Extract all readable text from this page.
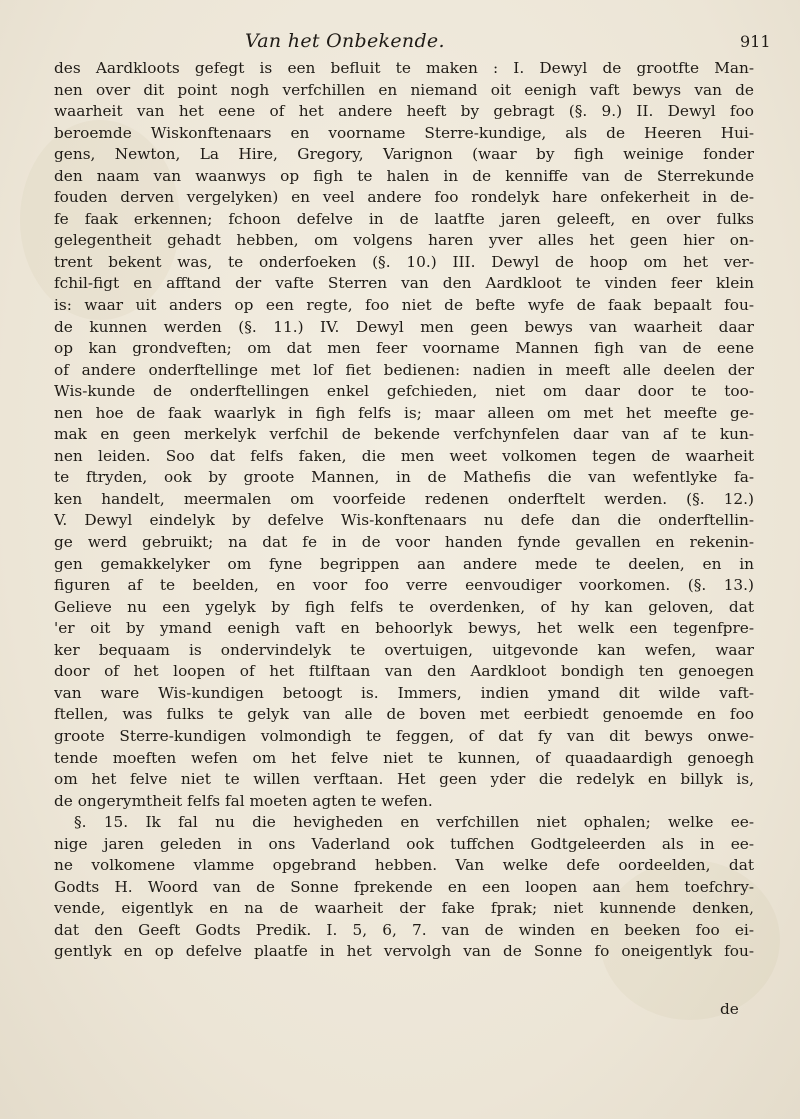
Van het Onbekende.	911
des Aardkloots gefegt is een befluit te maken : I. Dewyl de grootfte Man-
nen over dit point nogh verfchillen en niemand oit eenigh vaft bewys van de
waarheit van het eene of het andere heeft by gebragt (§. 9.) II. Dewyl foo
beroemde Wiskonftenaars en voorname Sterre-kundige, als de Heeren Hui-
gens, Newton, La Hire, Gregory, Varignon (waar by figh weinige fonder
den naam van waanwys op figh te halen in de kenniffe van de Sterrekunde
fouden derven vergelyken) en veel andere foo rondelyk hare onfekerheit in de-
fe faak erkennen; fchoon defelve in de laatfte jaren geleeft, en over fulks
gelegentheit gehadt hebben, om volgens haren yver alles het geen hier on-
trent bekent was, te onderfoeken (§. 10.) III. Dewyl de hoop om het ver-
fchil-figt en afftand der vafte Sterren van den Aardkloot te vinden feer klein
is: waar uit anders op een regte, foo niet de befte wyfe de faak bepaalt fou-
de kunnen werden (§. 11.) IV. Dewyl men geen bewys van waarheit daar
op kan grondveften; om dat men feer voorname Mannen figh van de eene
of andere onderftellinge met lof fiet bedienen: nadien in meeft alle deelen der
Wis-kunde de onderftellingen enkel gefchieden, niet om daar door te too-
nen hoe de faak waarlyk in figh felfs is; maar alleen om met het meefte ge-
mak en geen merkelyk verfchil de bekende verfchynfelen daar van af te kun-
nen leiden. Soo dat felfs faken, die men weet volkomen tegen de waarheit
te ftryden, ook by groote Mannen, in de Mathefis die van wefentlyke fa-
ken handelt, meermalen om voorfeide redenen onderftelt werden. (§. 12.)
V. Dewyl eindelyk by defelve Wis-konftenaars nu defe dan die onderftellin-
ge werd gebruikt; na dat fe in de voor handen fynde gevallen en rekenin-
gen gemakkelyker om fyne begrippen aan andere mede te deelen, en in
figuren af te beelden, en voor foo verre eenvoudiger voorkomen. (§. 13.)
Gelieve nu een ygelyk by figh felfs te overdenken, of hy kan geloven, dat
'er oit by ymand eenigh vaft en behoorlyk bewys, het welk een tegenfpre-
ker bequaam is ondervindelyk te overtuigen, uitgevonde kan wefen, waar
door of het loopen of het ftilftaan van den Aardkloot bondigh ten genoegen
van ware Wis-kundigen betoogt is. Immers, indien ymand dit wilde vaft-
ftellen, was fulks te gelyk van alle de boven met eerbiedt genoemde en foo
groote Sterre-kundigen volmondigh te feggen, of dat fy van dit bewys onwe-
tende moeften wefen om het felve niet te kunnen, of quaadaardigh genoegh
om het felve niet te willen verftaan. Het geen yder die redelyk en billyk is,
de ongerymtheit felfs fal moeten agten te wefen.
§. 15. Ik fal nu die hevigheden en verfchillen niet ophalen; welke ee-
nige jaren geleden in ons Vaderland ook tuffchen Godtgeleerden als in ee-
ne volkomene vlamme opgebrand hebben. Van welke defe oordeelden, dat
Godts H. Woord van de Sonne fprekende en een loopen aan hem toefchry-
vende, eigentlyk en na de waarheit der fake fprak; niet kunnende denken,
dat den Geeft Godts Predik. I. 5, 6, 7. van de winden en beeken foo ei-
gentlyk en op defelve plaatfe in het vervolgh van de Sonne fo oneigentlyk fou-
de
